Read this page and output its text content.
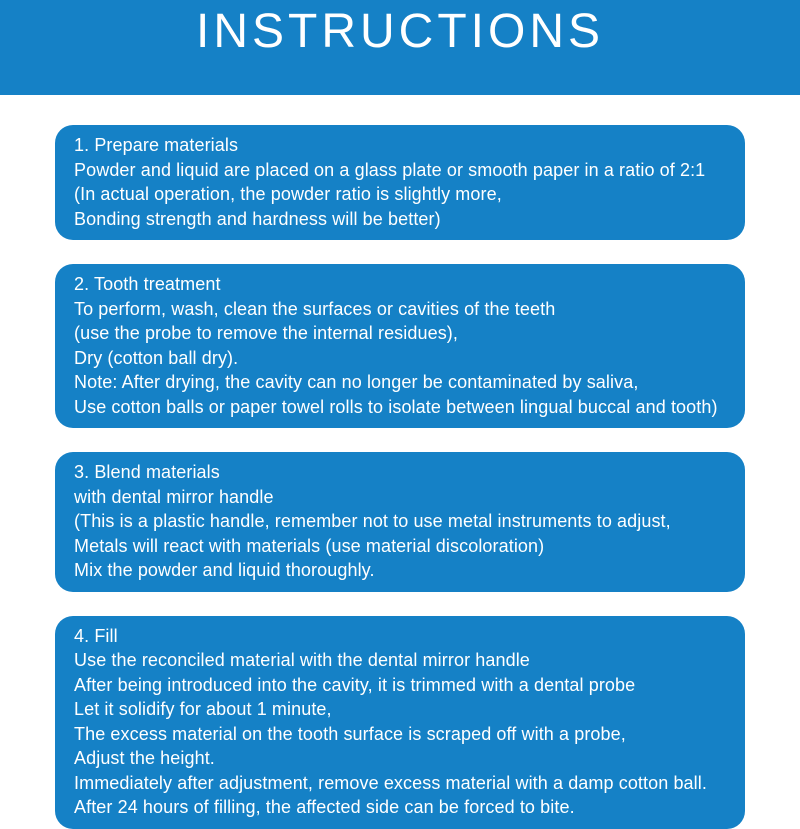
INSTRUCTIONS

1. Prepare materials

Powder and liquid are placed on a glass plate or smooth paper in a ratio of 2:1

(In actual operation, the powder ratio is slightly more,

Bonding strength and hardness will be better)

2. Tooth treatment

To perform, wash, clean the surfaces or cavities of the teeth

(use the probe to remove the internal residues),

Dry (cotton ball dry).

Note: After drying, the cavity can no longer be contaminated by saliva,

Use cotton balls or paper towel rolls to isolate between lingual buccal and tooth)

3. Blend materials

with dental mirror handle

(This is a plastic handle, remember not to use metal instruments to adjust,

Metals will react with materials (use material discoloration)

Mix the powder and liquid thoroughly.

4. Fill

Use the reconciled material with the dental mirror handle

After being introduced into the cavity, it is trimmed with a dental probe

Let it solidify for about 1 minute,

The excess material on the tooth surface is scraped off with a probe,

Adjust the height.

Immediately after adjustment, remove excess material with a damp cotton ball.

After 24 hours of filling, the affected side can be forced to bite.
